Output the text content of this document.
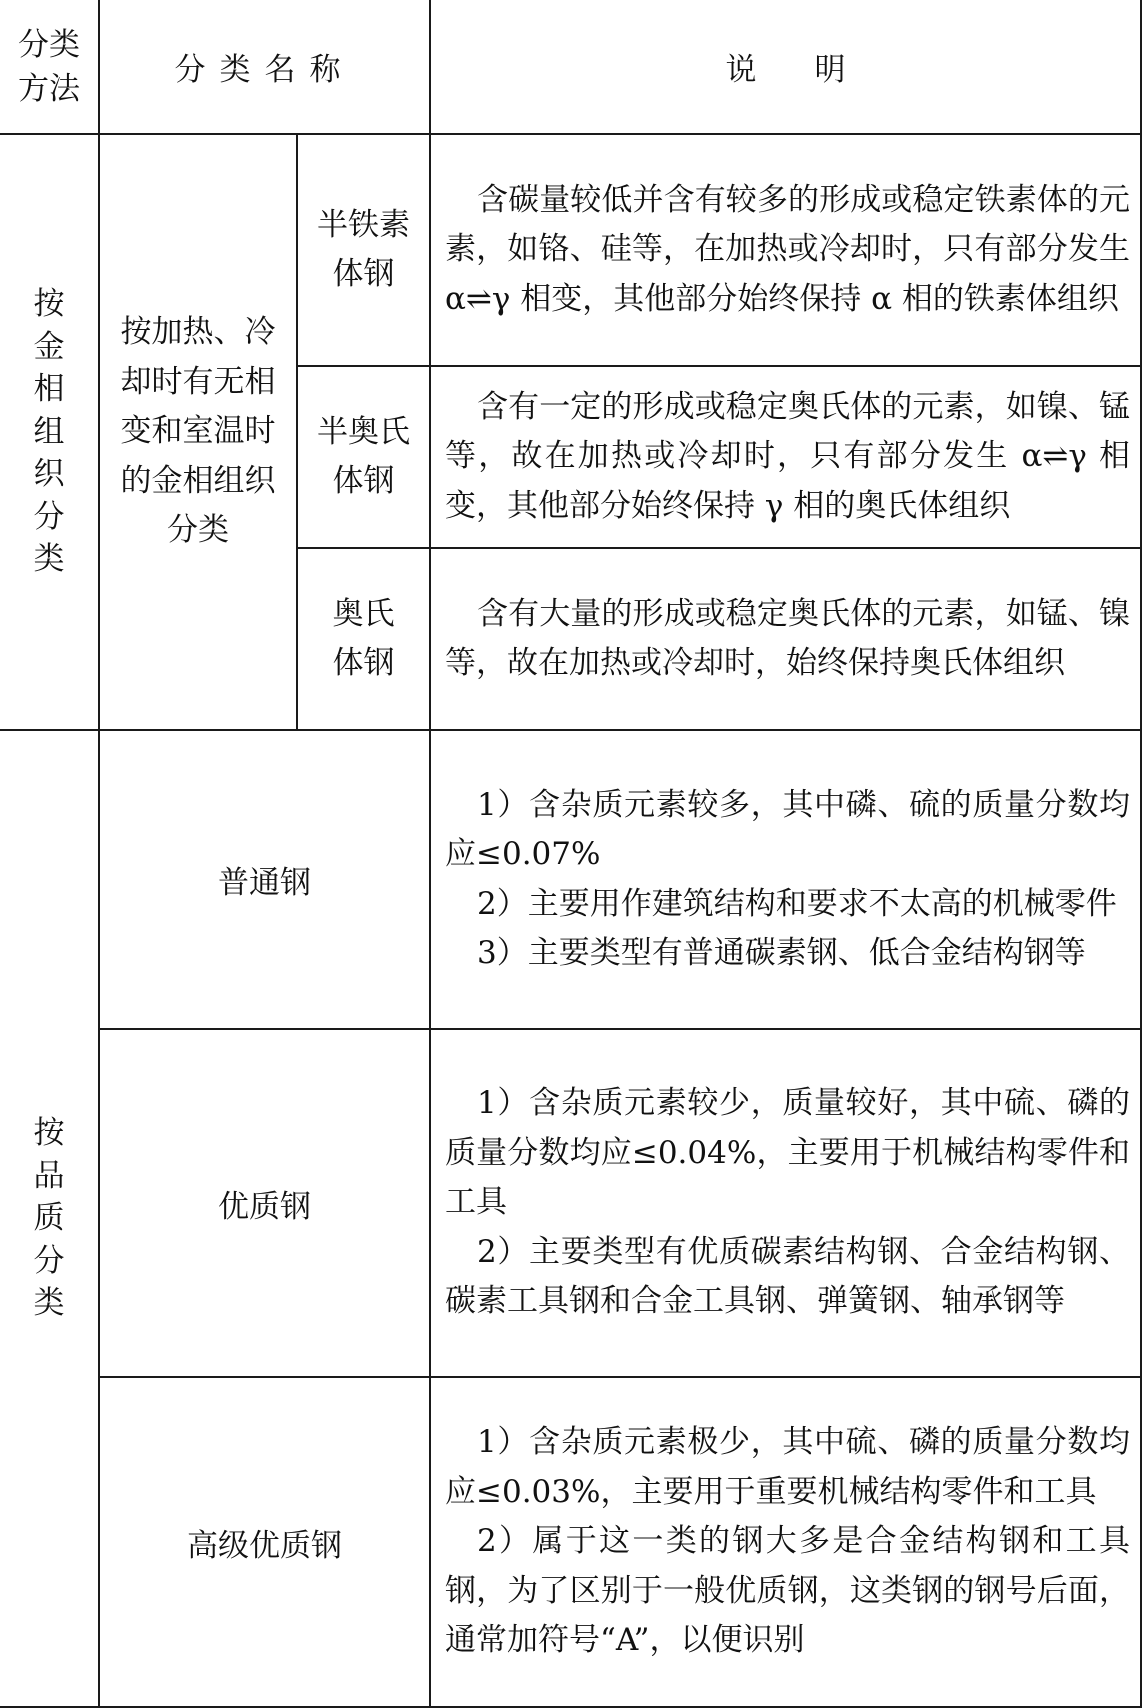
分类方法	分类名称		说明
按金相组织分类	按加热、冷却时有无相变和室温时的金相组织分类	半铁素体钢	含碳量较低并含有较多的形成或稳定铁素体的元素，如铬、硅等，在加热或冷却时，只有部分发生 α⇌γ 相变，其他部分始终保持 α 相的铁素体组织

		半奥氏体钢	含有一定的形成或稳定奥氏体的元素，如镍、锰等，故在加热或冷却时，只有部分发生 α⇌γ 相变，其他部分始终保持 γ 相的奥氏体组织

		奥氏体钢	含有大量的形成或稳定奥氏体的元素，如锰、镍等，故在加热或冷却时，始终保持奥氏体组织

按品质分类	普通钢		1）含杂质元素较多，其中磷、硫的质量分数均应≤0.07%

2）主要用作建筑结构和要求不太高的机械零件

3）主要类型有普通碳素钢、低合金结构钢等

	优质钢		1）含杂质元素较少，质量较好，其中硫、磷的质量分数均应≤0.04%，主要用于机械结构零件和工具

2）主要类型有优质碳素结构钢、合金结构钢、碳素工具钢和合金工具钢、弹簧钢、轴承钢等

	高级优质钢		1）含杂质元素极少，其中硫、磷的质量分数均应≤0.03%，主要用于重要机械结构零件和工具

2）属于这一类的钢大多是合金结构钢和工具钢，为了区别于一般优质钢，这类钢的钢号后面，通常加符号“A”，以便识别
